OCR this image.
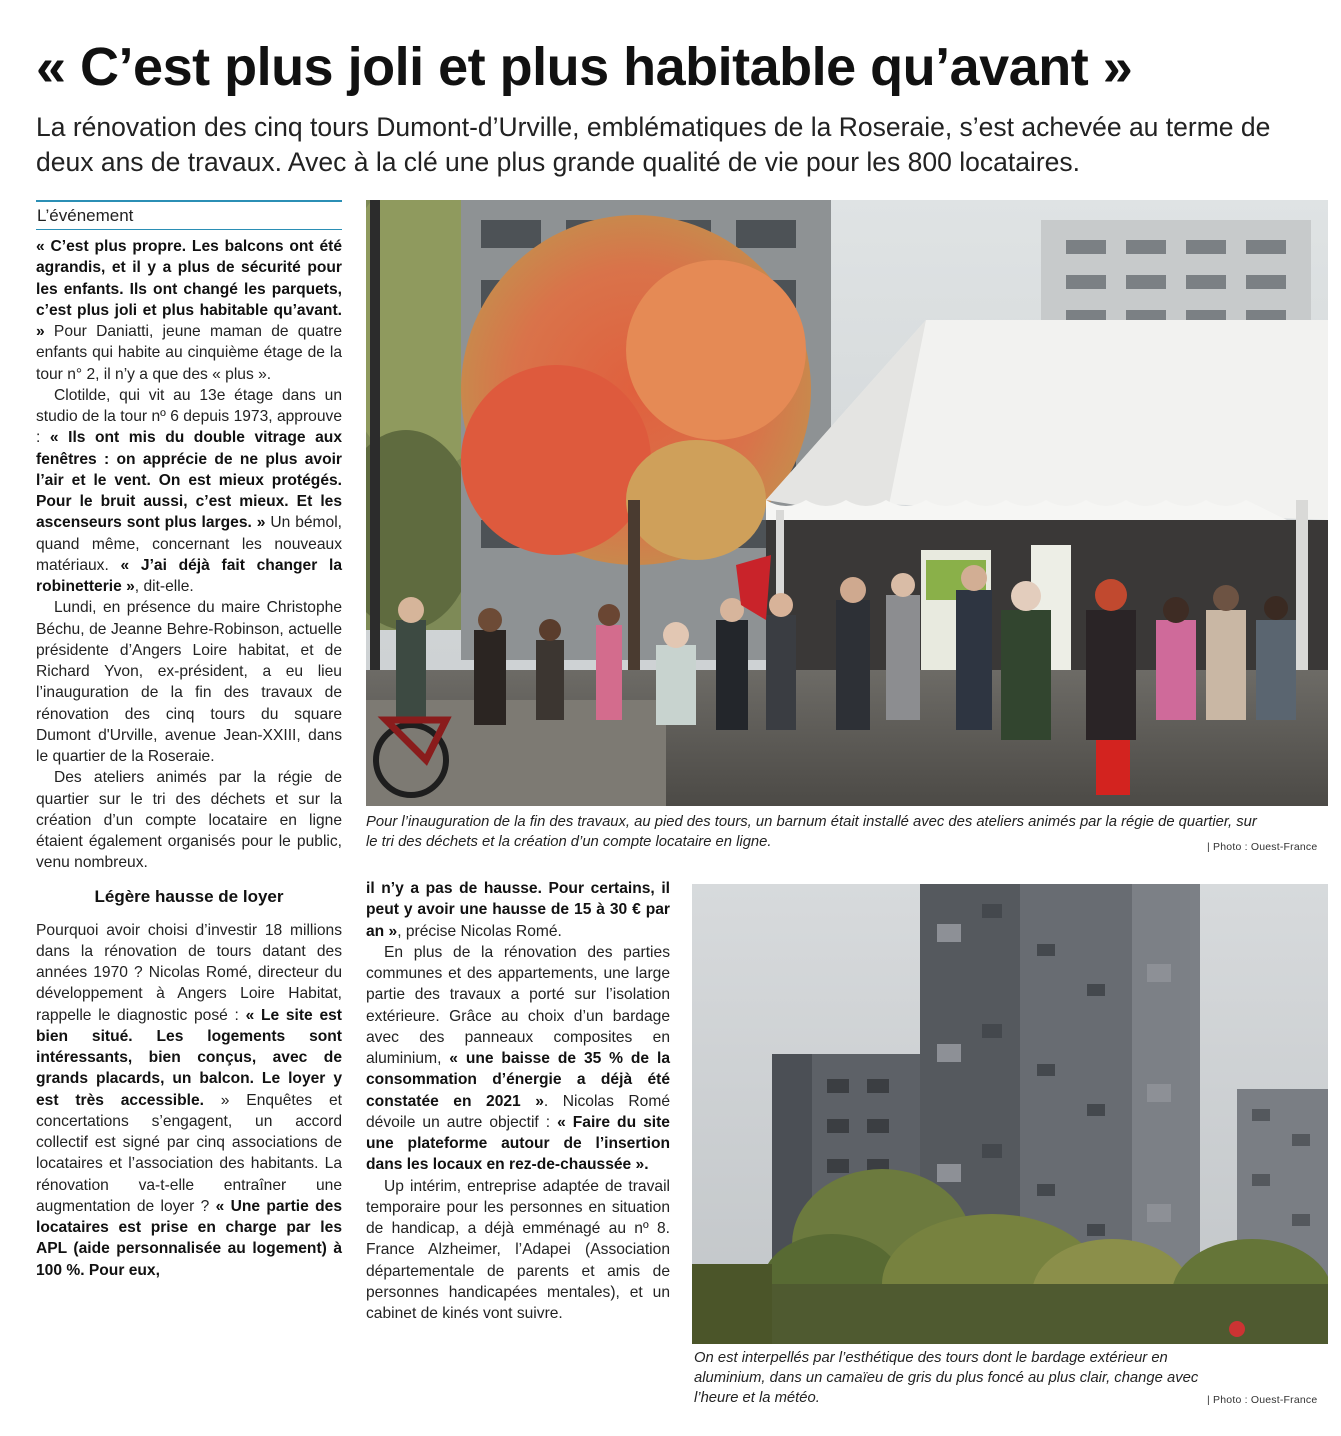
« C’est plus joli et plus habitable qu’avant »
La rénovation des cinq tours Dumont-d’Urville, emblématiques de la Roseraie, s’est achevée au terme de deux ans de travaux. Avec à la clé une plus grande qualité de vie pour les 800 locataires.
L’événement

« C’est plus propre. Les balcons ont été agrandis, et il y a plus de sécurité pour les enfants. Ils ont changé les parquets, c’est plus joli et plus habitable qu’avant. » Pour Daniatti, jeune maman de quatre enfants qui habite au cinquième étage de la tour n° 2, il n’y a que des « plus ».

Clotilde, qui vit au 13e étage dans un studio de la tour nº 6 depuis 1973, approuve : « Ils ont mis du double vitrage aux fenêtres : on apprécie de ne plus avoir l’air et le vent. On est mieux protégés. Pour le bruit aussi, c’est mieux. Et les ascenseurs sont plus larges. » Un bémol, quand même, concernant les nouveaux matériaux. « J’ai déjà fait changer la robinetterie », dit-elle.

Lundi, en présence du maire Christophe Béchu, de Jeanne Behre-Robinson, actuelle présidente d’Angers Loire habitat, et de Richard Yvon, ex-président, a eu lieu l’inauguration de la fin des travaux de rénovation des cinq tours du square Dumont d'Urville, avenue Jean-XXIII, dans le quartier de la Roseraie.

Des ateliers animés par la régie de quartier sur le tri des déchets et sur la création d’un compte locataire en ligne étaient également organisés pour le public, venu nombreux.

Légère hausse de loyer

Pourquoi avoir choisi d’investir 18 millions dans la rénovation de tours datant des années 1970 ? Nicolas Romé, directeur du développement à Angers Loire Habitat, rappelle le diagnostic posé : « Le site est bien situé. Les logements sont intéressants, bien conçus, avec de grands placards, un balcon. Le loyer y est très accessible. » Enquêtes et concertations s’engagent, un accord collectif est signé par cinq associations de locataires et l’association des habitants. La rénovation va-t-elle entraîner une augmentation de loyer ? « Une partie des locataires est prise en charge par les APL (aide personnalisée au logement) à 100 %. Pour eux,

il n’y a pas de hausse. Pour certains, il peut y avoir une hausse de 15 à 30 € par an », précise Nicolas Romé.

En plus de la rénovation des parties communes et des appartements, une large partie des travaux a porté sur l’isolation extérieure. Grâce au choix d’un bardage avec des panneaux composites en aluminium, « une baisse de 35 % de la consommation d’énergie a déjà été constatée en 2021 ». Nicolas Romé dévoile un autre objectif : « Faire du site une plateforme autour de l’insertion dans les locaux en rez-de-chaussée ».

Up intérim, entreprise adaptée de travail temporaire pour les personnes en situation de handicap, a déjà emménagé au nº 8. France Alzheimer, l’Adapei (Association départementale de parents et amis de personnes handicapées mentales), et un cabinet de kinés vont suivre.

Pour l’inauguration de la fin des travaux, au pied des tours, un barnum était installé avec des ateliers animés par la régie de quartier, sur le tri des déchets et la création d’un compte locataire en ligne.	| Photo : Ouest-France
On est interpellés par l’esthétique des tours dont le bardage extérieur en aluminium, dans un camaïeu de gris du plus foncé au plus clair, change avec l’heure et la météo.	| Photo : Ouest-France
